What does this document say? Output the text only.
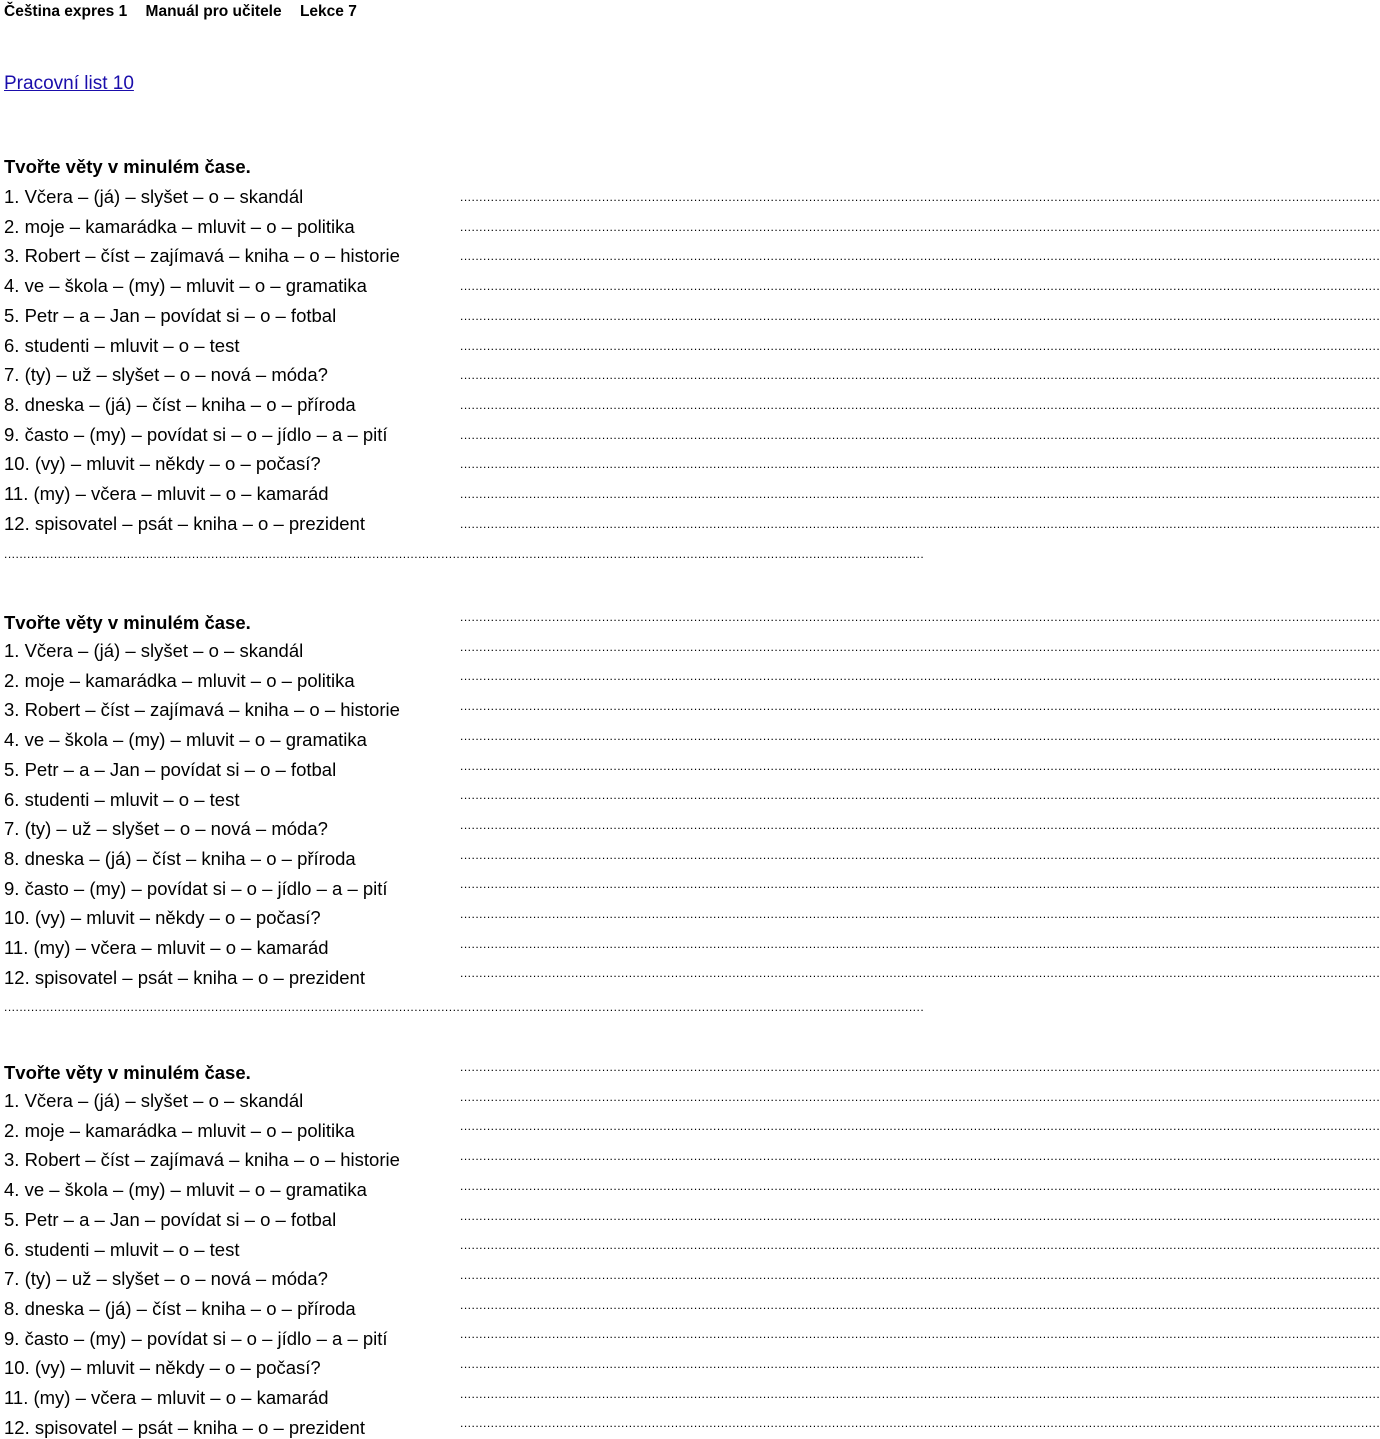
Čeština expres 1 Manuál pro učitele Lekce 7
Pracovní list 10
Tvořte věty v minulém čase.
................................................................................................................................................................................................................................................
................................................................................................................................................................................................................................................
................................................................................................................................................................................................................................................
................................................................................................................................................................................................................................................
................................................................................................................................................................................................................................................
................................................................................................................................................................................................................................................
................................................................................................................................................................................................................................................
................................................................................................................................................................................................................................................
................................................................................................................................................................................................................................................
................................................................................................................................................................................................................................................
................................................................................................................................................................................................................................................
................................................................................................................................................................................................................................................
1. Včera – (já) – slyšet – o – skandál
2. moje – kamarádka – mluvit – o – politika
3. Robert – číst – zajímavá – kniha – o – historie
4. ve – škola – (my) – mluvit – o – gramatika
5. Petr – a – Jan – povídat si – o – fotbal
6. studenti – mluvit – o – test
7. (ty) – už – slyšet – o – nová – móda?
8. dneska – (já) – číst – kniha – o – příroda
9. často – (my) – povídat si – o – jídlo – a – pití
10. (vy) – mluvit – někdy – o – počasí?
11. (my) – včera – mluvit – o – kamarád
12. spisovatel – psát – kniha – o – prezident
................................................................................................................................................................................................................................................
Tvořte věty v minulém čase.	................................................................................................................................................................................................................................................
................................................................................................................................................................................................................................................
................................................................................................................................................................................................................................................
................................................................................................................................................................................................................................................
................................................................................................................................................................................................................................................
................................................................................................................................................................................................................................................
................................................................................................................................................................................................................................................
................................................................................................................................................................................................................................................
................................................................................................................................................................................................................................................
................................................................................................................................................................................................................................................
................................................................................................................................................................................................................................................
................................................................................................................................................................................................................................................
................................................................................................................................................................................................................................................
1. Včera – (já) – slyšet – o – skandál
2. moje – kamarádka – mluvit – o – politika
3. Robert – číst – zajímavá – kniha – o – historie
4. ve – škola – (my) – mluvit – o – gramatika
5. Petr – a – Jan – povídat si – o – fotbal
6. studenti – mluvit – o – test
7. (ty) – už – slyšet – o – nová – móda?
8. dneska – (já) – číst – kniha – o – příroda
9. často – (my) – povídat si – o – jídlo – a – pití
10. (vy) – mluvit – někdy – o – počasí?
11. (my) – včera – mluvit – o – kamarád
12. spisovatel – psát – kniha – o – prezident
................................................................................................................................................................................................................................................
Tvořte věty v minulém čase.	................................................................................................................................................................................................................................................
................................................................................................................................................................................................................................................
................................................................................................................................................................................................................................................
................................................................................................................................................................................................................................................
................................................................................................................................................................................................................................................
................................................................................................................................................................................................................................................
................................................................................................................................................................................................................................................
................................................................................................................................................................................................................................................
................................................................................................................................................................................................................................................
................................................................................................................................................................................................................................................
................................................................................................................................................................................................................................................
................................................................................................................................................................................................................................................
................................................................................................................................................................................................................................................
1. Včera – (já) – slyšet – o – skandál
2. moje – kamarádka – mluvit – o – politika
3. Robert – číst – zajímavá – kniha – o – historie
4. ve – škola – (my) – mluvit – o – gramatika
5. Petr – a – Jan – povídat si – o – fotbal
6. studenti – mluvit – o – test
7. (ty) – už – slyšet – o – nová – móda?
8. dneska – (já) – číst – kniha – o – příroda
9. často – (my) – povídat si – o – jídlo – a – pití
10. (vy) – mluvit – někdy – o – počasí?
11. (my) – včera – mluvit – o – kamarád
12. spisovatel – psát – kniha – o – prezident
